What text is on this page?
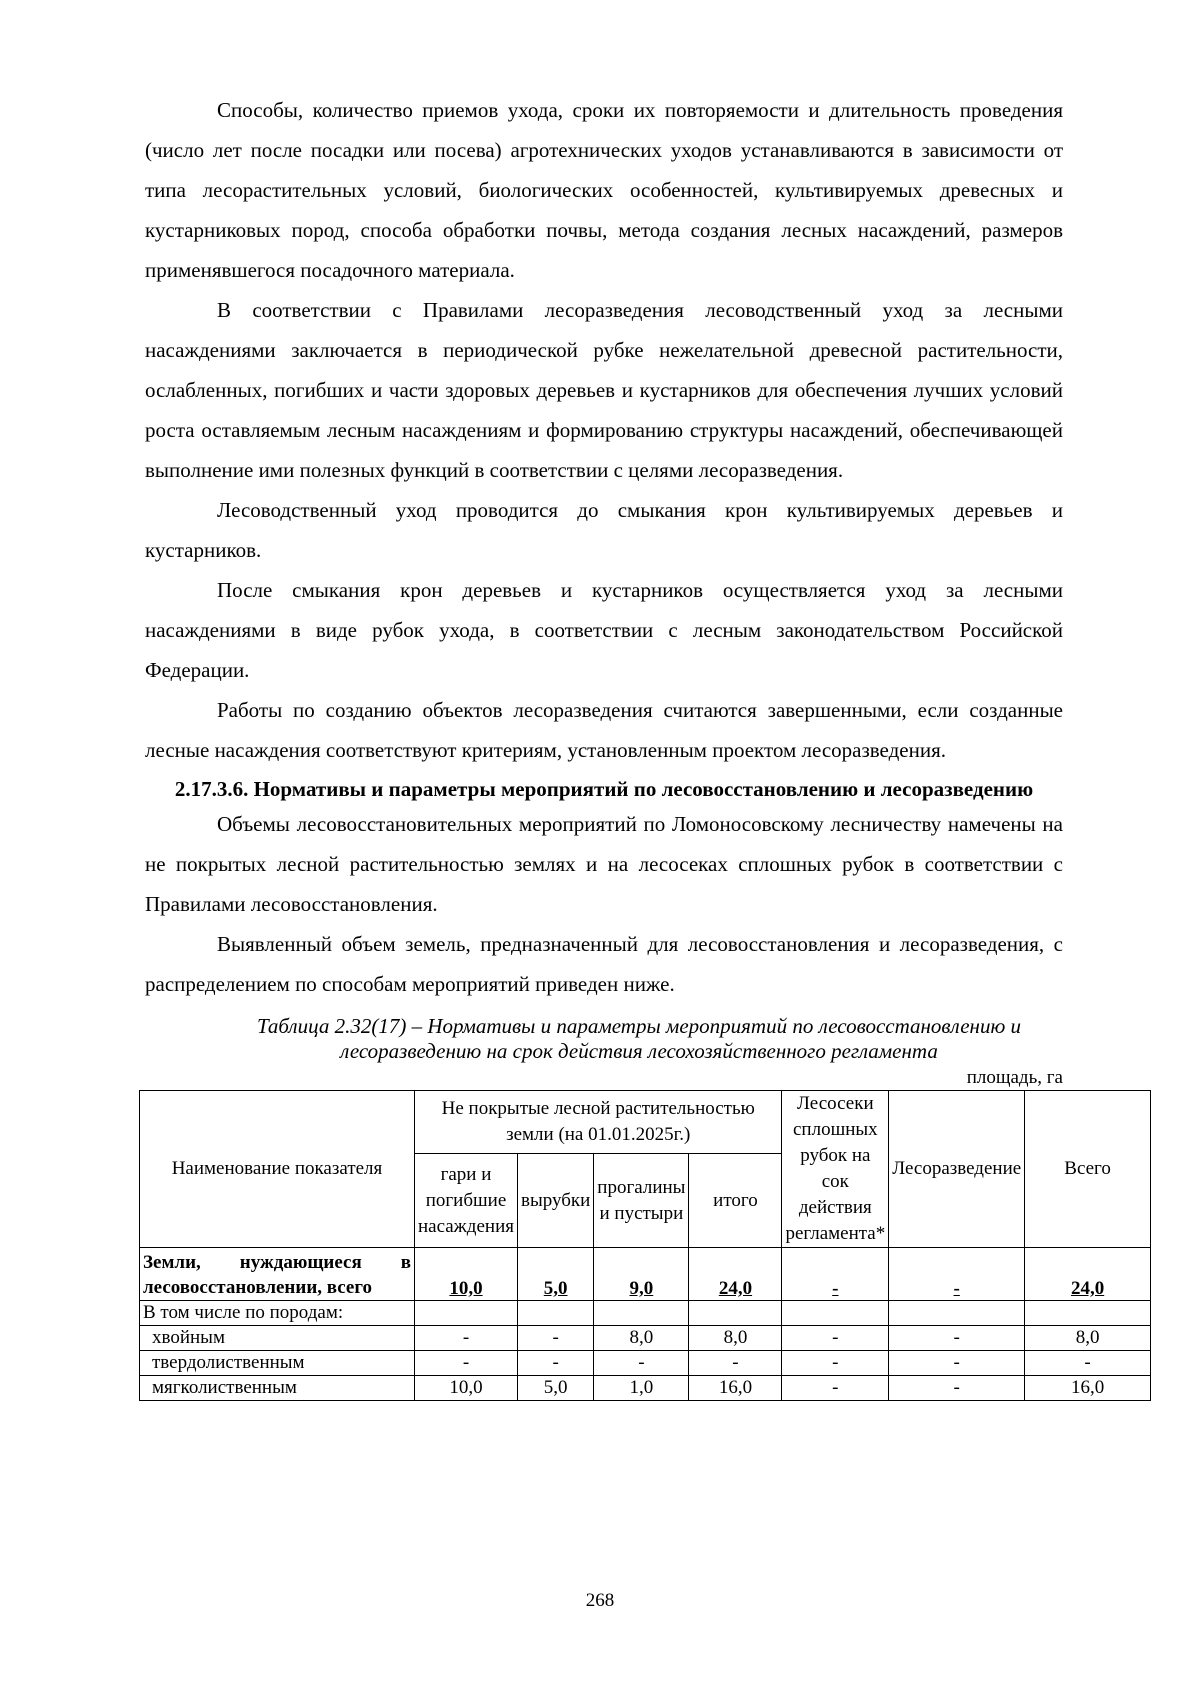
Способы, количество приемов ухода, сроки их повторяемости и длительность проведения (число лет после посадки или посева) агротехнических уходов устанавливаются в зависимости от типа лесорастительных условий, биологических особенностей, культивируемых древесных и кустарниковых пород, способа обработки почвы, метода создания лесных насаждений, размеров применявшегося посадочного материала.

В соответствии с Правилами лесоразведения лесоводственный уход за лесными насаждениями заключается в периодической рубке нежелательной древесной растительности, ослабленных, погибших и части здоровых деревьев и кустарников для обеспечения лучших условий роста оставляемым лесным насаждениям и формированию структуры насаждений, обеспечивающей выполнение ими полезных функций в соответствии с целями лесоразведения.

Лесоводственный уход проводится до смыкания крон культивируемых деревьев и кустарников.

После смыкания крон деревьев и кустарников осуществляется уход за лесными насаждениями в виде рубок ухода, в соответствии с лесным законодательством Российской Федерации.

Работы по созданию объектов лесоразведения считаются завершенными, если созданные лесные насаждения соответствуют критериям, установленным проектом лесоразведения.

2.17.3.6. Нормативы и параметры мероприятий по лесовосстановлению и лесоразведению

Объемы лесовосстановительных мероприятий по Ломоносовскому лесничеству намечены на не покрытых лесной растительностью землях и на лесосеках сплошных рубок в соответствии с Правилами лесовосстановления.

Выявленный объем земель, предназначенный для лесовосстановления и лесоразведения, с распределением по способам мероприятий приведен ниже.

Таблица 2.32(17) – Нормативы и параметры мероприятий по лесовосстановлению и лесоразведению на срок действия лесохозяйственного регламента
площадь, га
Наименование показателя	Не покрытые лесной растительностью земли (на 01.01.2025г.)				Лесосеки сплошных рубок на сок действия регламента*	Лесоразведение	Всего
	гари и погибшие насаждения	вырубки	прогалины и пустыри	итого			
Земли, нуждающиеся в лесовосстановлении, всего	10,0	5,0	9,0	24,0	-	-	24,0
В том числе по породам:							
хвойным	-	-	8,0	8,0	-	-	8,0
твердолиственным	-	-	-	-	-	-	-
мягколиственным	10,0	5,0	1,0	16,0	-	-	16,0
268
